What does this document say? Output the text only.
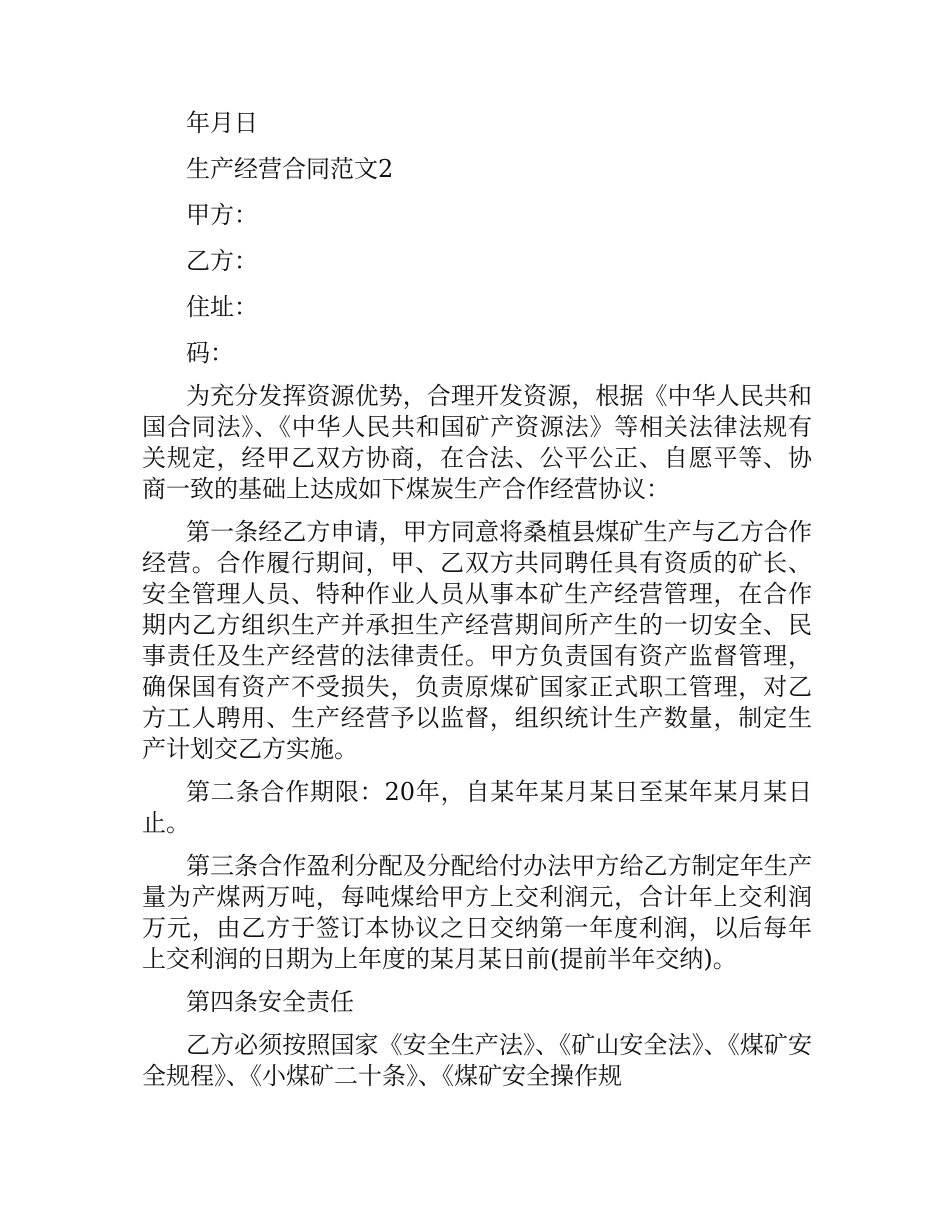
年月日

生产经营合同范文2

甲方：

乙方：

住址：

码：

为充分发挥资源优势，合理开发资源，根据《中华人民共和国合同法》、《中华人民共和国矿产资源法》等相关法律法规有关规定，经甲乙双方协商，在合法、公平公正、自愿平等、协商一致的基础上达成如下煤炭生产合作经营协议：

第一条经乙方申请，甲方同意将桑植县煤矿生产与乙方合作经营。合作履行期间，甲、乙双方共同聘任具有资质的矿长、安全管理人员、特种作业人员从事本矿生产经营管理，在合作期内乙方组织生产并承担生产经营期间所产生的一切安全、民事责任及生产经营的法律责任。甲方负责国有资产监督管理，确保国有资产不受损失，负责原煤矿国家正式职工管理，对乙方工人聘用、生产经营予以监督，组织统计生产数量，制定生产计划交乙方实施。

第二条合作期限：20年，自某年某月某日至某年某月某日止。

第三条合作盈利分配及分配给付办法甲方给乙方制定年生产量为产煤两万吨，每吨煤给甲方上交利润元，合计年上交利润万元，由乙方于签订本协议之日交纳第一年度利润，以后每年上交利润的日期为上年度的某月某日前(提前半年交纳)。

第四条安全责任

乙方必须按照国家《安全生产法》、《矿山安全法》、《煤矿安全规程》、《小煤矿二十条》、《煤矿安全操作规
